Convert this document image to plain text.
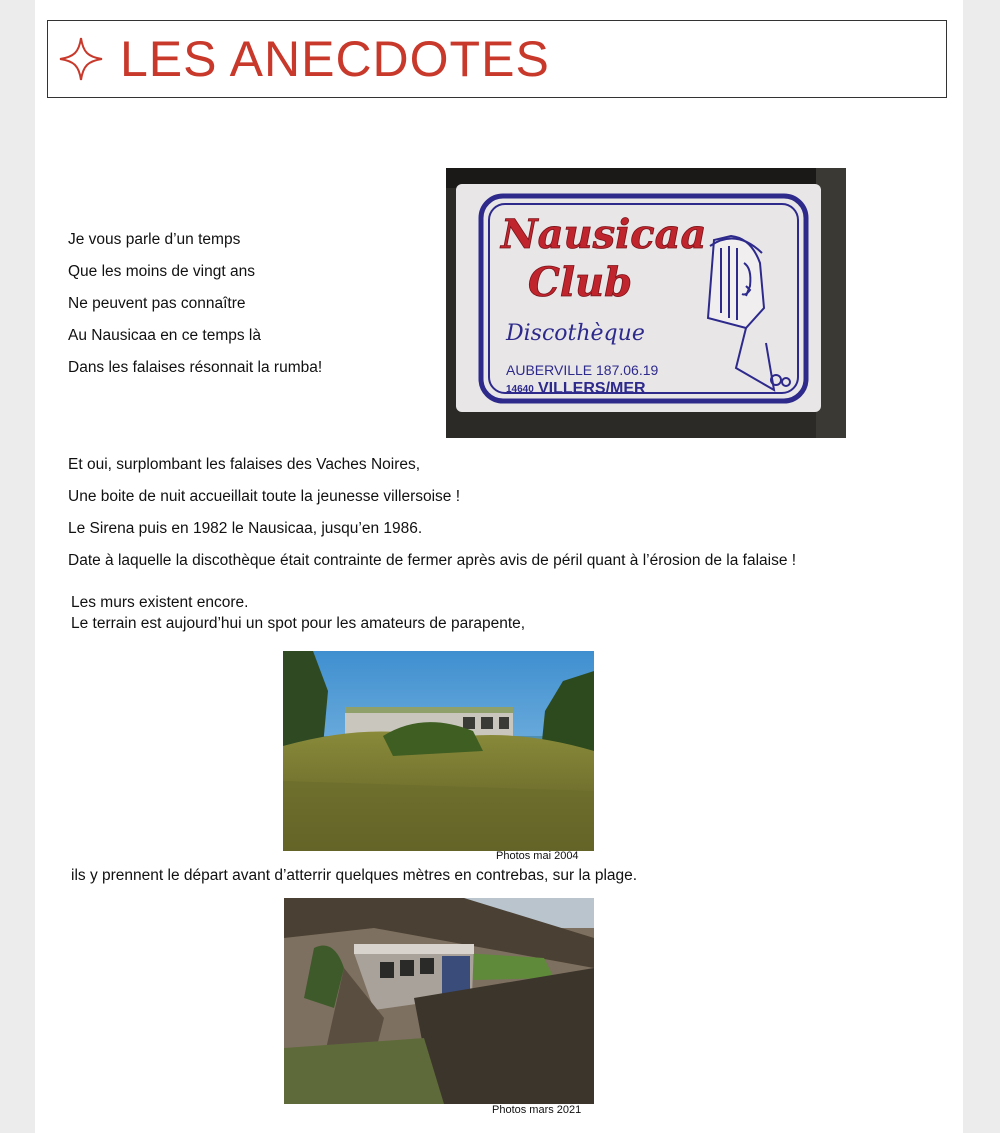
LES ANECDOTES
Je vous parle d’un temps
Que les moins de vingt ans
Ne peuvent pas connaître
Au Nausicaa en ce temps là
Dans les falaises résonnait la rumba!
Nausicaa
Club
Discothèque
AUBERVILLE 187.06.19
14640 VILLERS/MER
Et oui, surplombant les falaises des Vaches Noires,
Une boite de nuit accueillait toute la jeunesse villersoise !
Le Sirena puis en 1982 le Nausicaa, jusqu’en 1986.
Date à laquelle la discothèque était contrainte de fermer après avis de péril quant à l’érosion de la falaise !
Les murs existent encore.
Le terrain est aujourd’hui un spot pour les amateurs de parapente,
Photos mai 2004
ils y prennent le départ avant d’atterrir quelques mètres en contrebas, sur la plage.
Photos mars 2021
